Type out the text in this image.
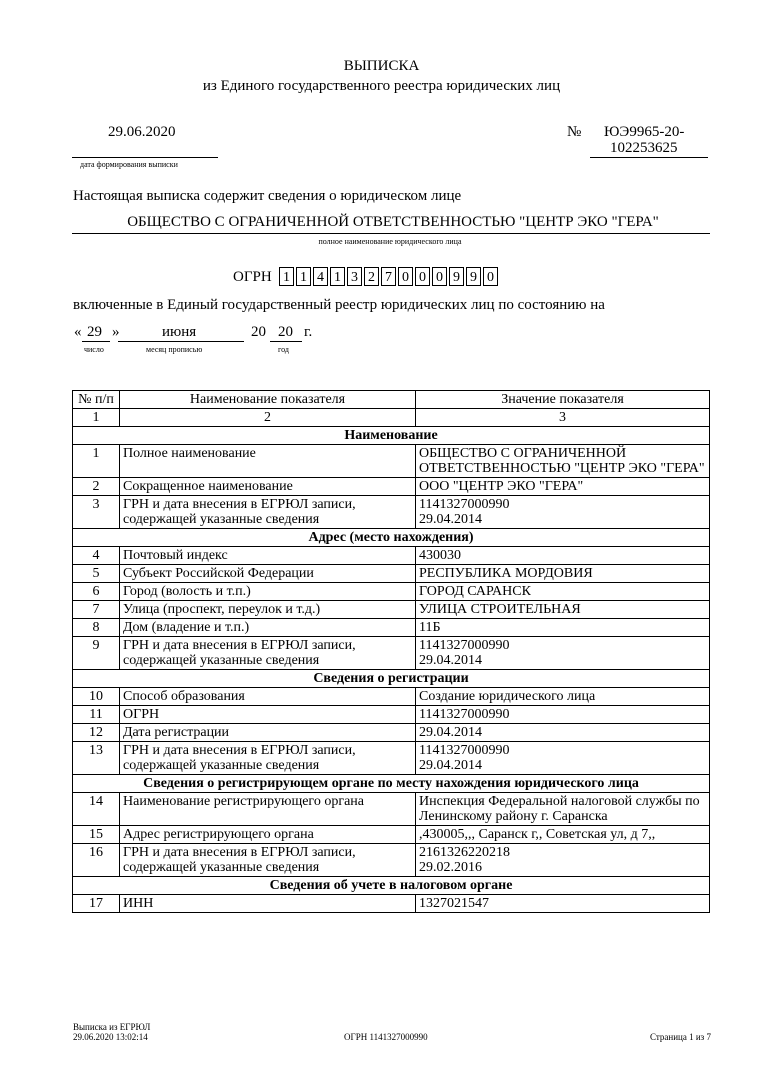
ВЫПИСКА
из Единого государственного реестра юридических лиц
29.06.2020
дата формирования выписки
№ ЮЭ9965-20-
102253625
Настоящая выписка содержит сведения о юридическом лице
ОБЩЕСТВО С ОГРАНИЧЕННОЙ ОТВЕТСТВЕННОСТЬЮ "ЦЕНТР ЭКО "ГЕРА"
полное наименование юридического лица
ОГРН 1 1 4 1 3 2 7 0 0 0 9 9 0
включенные в Единый государственный реестр юридических лиц по состоянию на
« 29 »	июня	20 20 г.
число	месяц прописью	год
№ п/п	Наименование показателя	Значение показателя
1	2	3
Наименование		
1	Полное наименование	ОБЩЕСТВО С ОГРАНИЧЕННОЙ ОТВЕТСТВЕННОСТЬЮ "ЦЕНТР ЭКО "ГЕРА"
2	Сокращенное наименование	ООО "ЦЕНТР ЭКО "ГЕРА"
3	ГРН и дата внесения в ЕГРЮЛ записи, содержащей указанные сведения	1141327000990
29.04.2014
Адрес (место нахождения)		
4	Почтовый индекс	430030
5	Субъект Российской Федерации	РЕСПУБЛИКА МОРДОВИЯ
6	Город (волость и т.п.)	ГОРОД САРАНСК
7	Улица (проспект, переулок и т.д.)	УЛИЦА СТРОИТЕЛЬНАЯ
8	Дом (владение и т.п.)	11Б
9	ГРН и дата внесения в ЕГРЮЛ записи, содержащей указанные сведения	1141327000990
29.04.2014
Сведения о регистрации		
10	Способ образования	Создание юридического лица
11	ОГРН	1141327000990
12	Дата регистрации	29.04.2014
13	ГРН и дата внесения в ЕГРЮЛ записи, содержащей указанные сведения	1141327000990
29.04.2014
Сведения о регистрирующем органе по месту нахождения юридического лица		
14	Наименование регистрирующего органа	Инспекция Федеральной налоговой службы по Ленинскому району г. Саранска
15	Адрес регистрирующего органа	,430005,,, Саранск г,, Советская ул, д 7,,
16	ГРН и дата внесения в ЕГРЮЛ записи, содержащей указанные сведения	2161326220218
29.02.2016
Сведения об учете в налоговом органе		
17	ИНН	1327021547
Выписка из ЕГРЮЛ
29.06.2020 13:02:14	ОГРН 1141327000990	Страница 1 из 7
